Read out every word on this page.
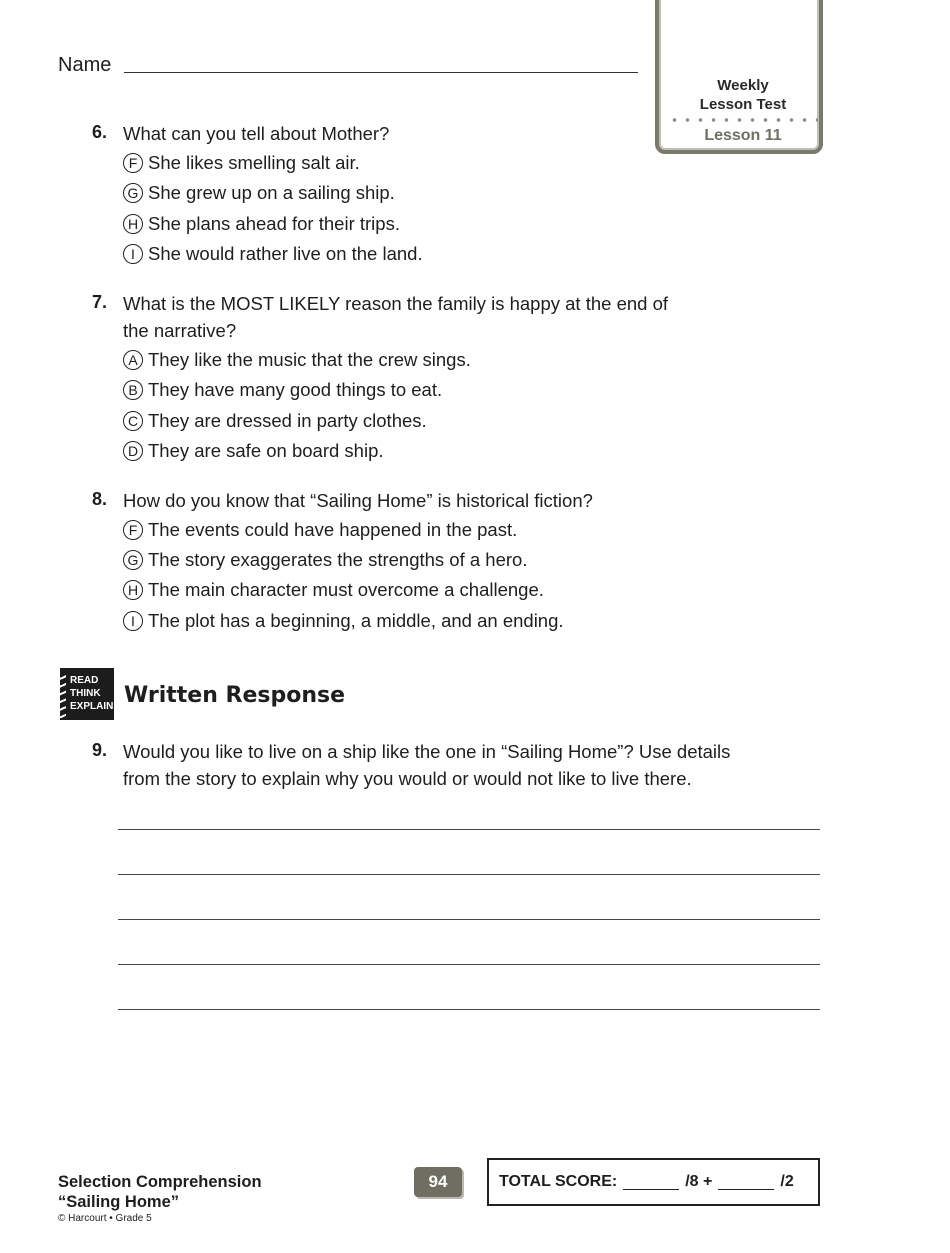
Name
Weekly
Lesson Test
Lesson 11
6. What can you tell about Mother?
F She likes smelling salt air.
G She grew up on a sailing ship.
H She plans ahead for their trips.
I She would rather live on the land.
7. What is the MOST LIKELY reason the family is happy at the end of
the narrative?
A They like the music that the crew sings.
B They have many good things to eat.
C They are dressed in party clothes.
D They are safe on board ship.
8. How do you know that “Sailing Home” is historical fiction?
F The events could have happened in the past.
G The story exaggerates the strengths of a hero.
H The main character must overcome a challenge.
I The plot has a beginning, a middle, and an ending.
READ
THINK
EXPLAIN Written Response
9. Would you like to live on a ship like the one in “Sailing Home”? Use details
from the story to explain why you would or would not like to live there.
Selection Comprehension
“Sailing Home”
© Harcourt • Grade 5
94	TOTAL SCORE:	/8 +	/2
